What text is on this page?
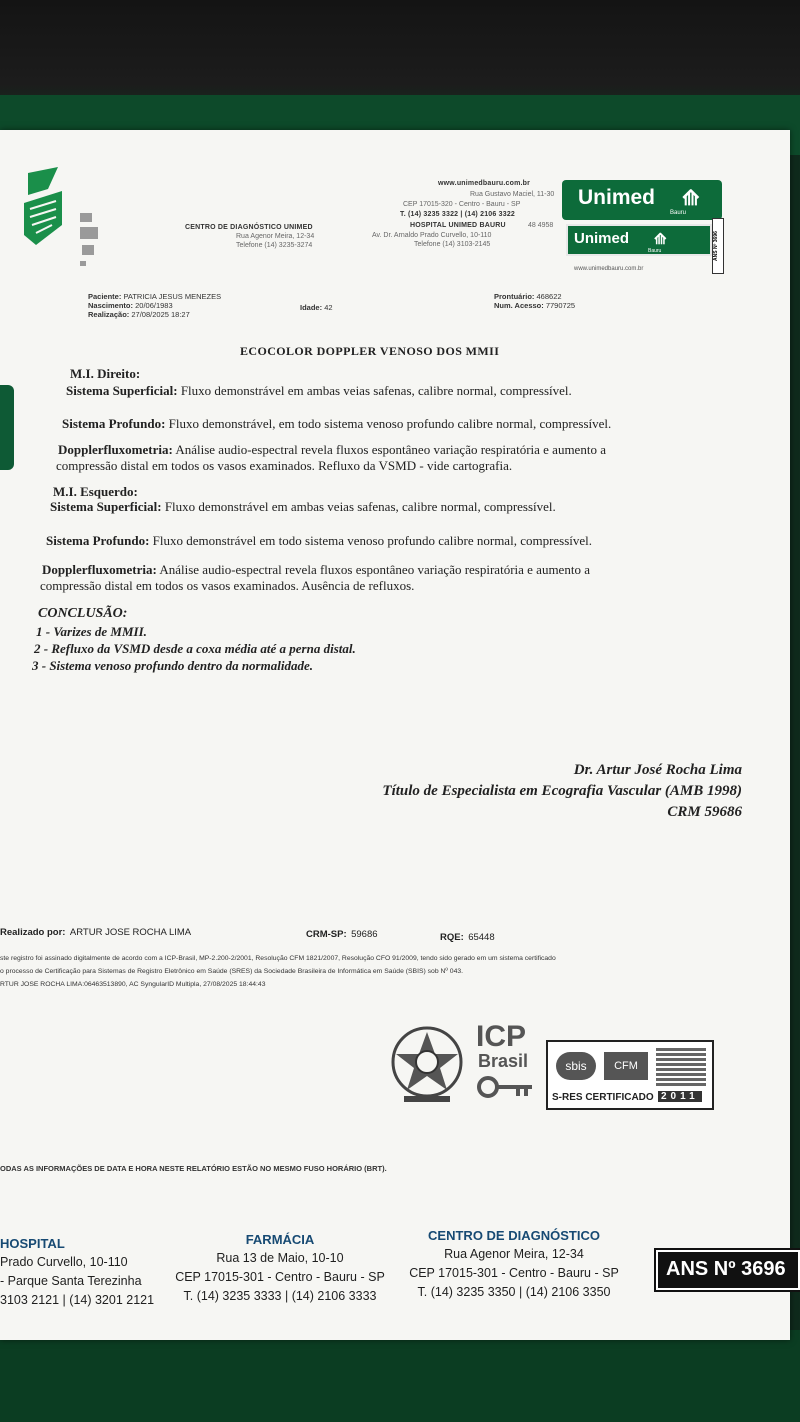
CENTRO DE DIAGNÓSTICO UNIMED
Rua Agenor Meira, 12-34
Telefone (14) 3235-3274
www.unimedbauru.com.br
Rua Gustavo Maciel, 11-30
CEP 17015-320 - Centro - Bauru - SP
T. (14) 3235 3322 | (14) 2106 3322
HOSPITAL UNIMED BAURU	48 4958
Av. Dr. Arnaldo Prado Curvello, 10-110
Telefone (14) 3103-2145
Unimed ⟰
Bauru
Unimed ⟰
Bauru	ANS Nº 3696
www.unimedbauru.com.br
Paciente: PATRICIA JESUS MENEZES
Nascimento: 20/06/1983
Realização: 27/08/2025 18:27
Idade: 42
Prontuário: 468622
Num. Acesso: 7790725
ECOCOLOR DOPPLER VENOSO DOS MMII
M.I. Direito:
Sistema Superficial: Fluxo demonstrável em ambas veias safenas, calibre normal, compressível.
Sistema Profundo: Fluxo demonstrável, em todo sistema venoso profundo calibre normal, compressível.
Dopplerfluxometria: Análise audio-espectral revela fluxos espontâneo variação respiratória e aumento a
compressão distal em todos os vasos examinados. Refluxo da VSMD - vide cartografia.
M.I. Esquerdo:
Sistema Superficial: Fluxo demonstrável em ambas veias safenas, calibre normal, compressível.
Sistema Profundo: Fluxo demonstrável em todo sistema venoso profundo calibre normal, compressível.
Dopplerfluxometria: Análise audio-espectral revela fluxos espontâneo variação respiratória e aumento a
compressão distal em todos os vasos examinados. Ausência de refluxos.
CONCLUSÃO:
1 - Varizes de MMII.
2 - Refluxo da VSMD desde a coxa média até a perna distal.
3 - Sistema venoso profundo dentro da normalidade.
Dr. Artur José Rocha Lima
Título de Especialista em Ecografia Vascular (AMB 1998)
CRM 59686
Realizado por: ARTUR JOSE ROCHA LIMA	CRM-SP: 59686	RQE: 65448
ste registro foi assinado digitalmente de acordo com a ICP-Brasil, MP-2.200-2/2001, Resolução CFM 1821/2007, Resolução CFO 91/2009, tendo sido gerado em um sistema certificado
o processo de Certificação para Sistemas de Registro Eletrônico em Saúde (SRES) da Sociedade Brasileira de Informática em Saúde (SBIS) sob Nº 043.
RTUR JOSE ROCHA LIMA:06463513890, AC SyngularID Multipla, 27/08/2025 18:44:43
ICP
Brasil	sbis	CFM
S-RES CERTIFICADO 2011
ODAS AS INFORMAÇÕES DE DATA E HORA NESTE RELATÓRIO ESTÃO NO MESMO FUSO HORÁRIO (BRT).
HOSPITAL
Prado Curvello, 10-110
- Parque Santa Terezinha
3103 2121 | (14) 3201 2121
FARMÁCIA
Rua 13 de Maio, 10-10
CEP 17015-301 - Centro - Bauru - SP
T. (14) 3235 3333 | (14) 2106 3333
CENTRO DE DIAGNÓSTICO
Rua Agenor Meira, 12-34
CEP 17015-301 - Centro - Bauru - SP
T. (14) 3235 3350 | (14) 2106 3350
ANS Nº 3696
